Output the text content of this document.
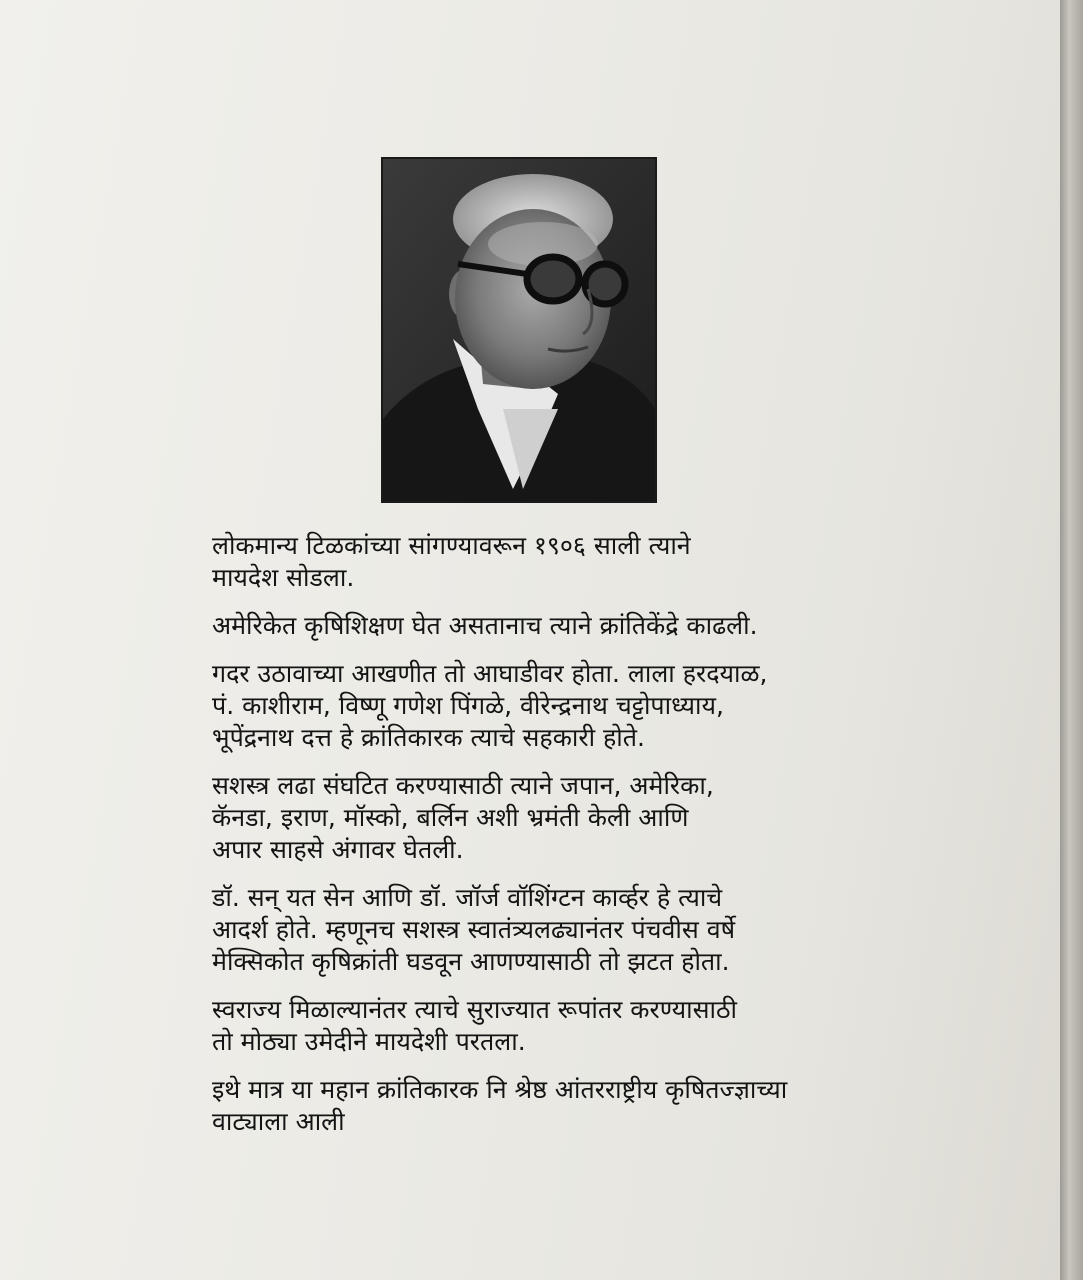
लोकमान्य टिळकांच्या सांगण्यावरून १९०६ साली त्याने
मायदेश सोडला.

अमेरिकेत कृषिशिक्षण घेत असतानाच त्याने क्रांतिकेंद्रे काढली.

गदर उठावाच्या आखणीत तो आघाडीवर होता. लाला हरदयाळ,
पं. काशीराम, विष्णू गणेश पिंगळे, वीरेन्द्रनाथ चट्टोपाध्याय,
भूपेंद्रनाथ दत्त हे क्रांतिकारक त्याचे सहकारी होते.

सशस्त्र लढा संघटित करण्यासाठी त्याने जपान, अमेरिका,
कॅनडा, इराण, मॉस्को, बर्लिन अशी भ्रमंती केली आणि
अपार साहसे अंगावर घेतली.

डॉ. सन् यत सेन आणि डॉ. जॉर्ज वॉशिंग्टन कार्व्हर हे त्याचे
आदर्श होते. म्हणूनच सशस्त्र स्वातंत्र्यलढ्यानंतर पंचवीस वर्षे
मेक्सिकोत कृषिक्रांती घडवून आणण्यासाठी तो झटत होता.

स्वराज्य मिळाल्यानंतर त्याचे सुराज्यात रूपांतर करण्यासाठी
तो मोठ्या उमेदीने मायदेशी परतला.

इथे मात्र या महान क्रांतिकारक नि श्रेष्ठ आंतरराष्ट्रीय कृषितज्ज्ञाच्या
वाट्याला आली
